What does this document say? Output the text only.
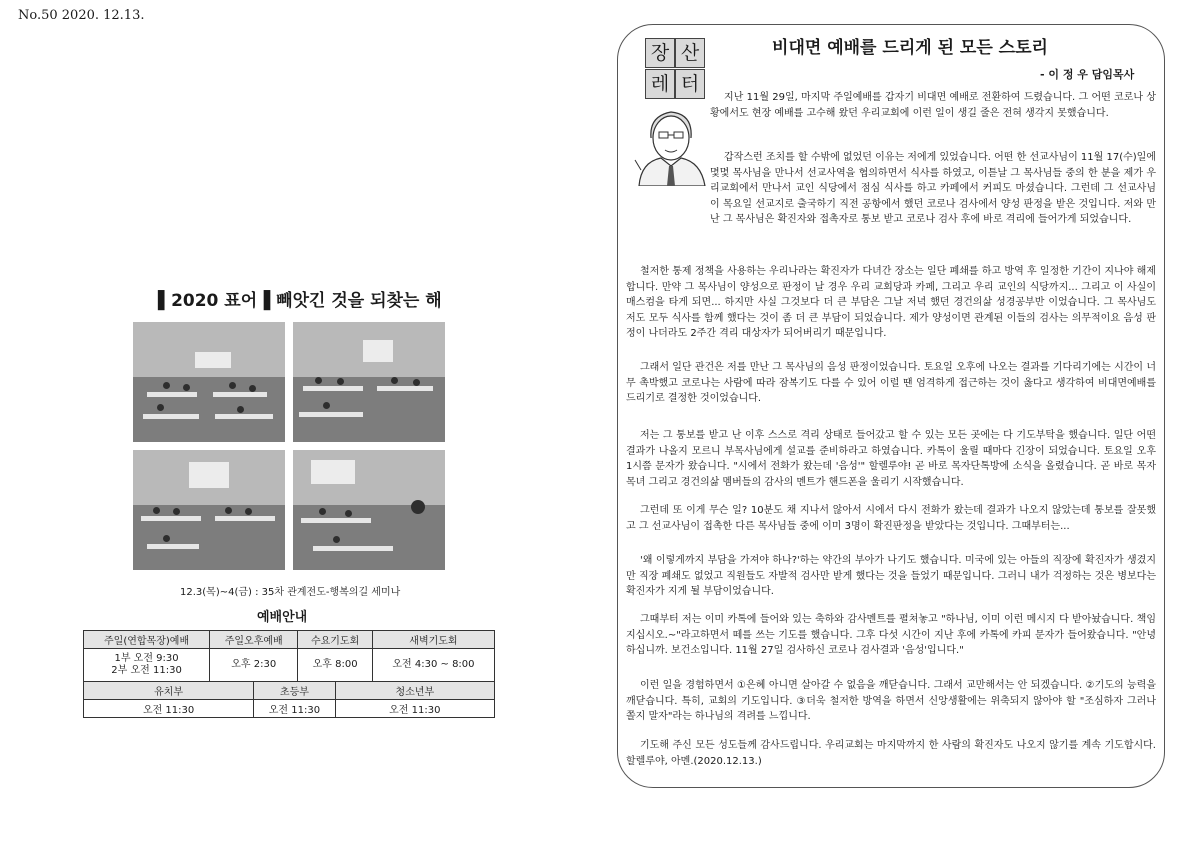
No.50 2020. 12.13.
▌2020 표어▐ 빼앗긴 것을 되찾는 해
12.3(목)~4(금) : 35차 관계전도-행복의길 세미나
예배안내
주일(연합목장)예배	주일오후예배		수요기도회		새벽기도회
1부 오전 9:30
2부 오전 11:30	오후 2:30		오후 8:00		오전 4:30 ~ 8:00
유치부		초등부		청소년부	
오전 11:30		오전 11:30		오전 11:30	
장 산
레 터
비대면 예배를 드리게 된 모든 스토리
- 이 정 우 담임목사

지난 11월 29일, 마지막 주일예배를 갑자기 비대면 예배로 전환하여 드렸습니다. 그 어떤 코로나 상황에서도 현장 예배를 고수해 왔던 우리교회에 이런 일이 생길 줄은 전혀 생각지 못했습니다.

갑작스런 조치를 할 수밖에 없었던 이유는 저에게 있었습니다. 어떤 한 선교사님이 11월 17(수)일에 몇몇 목사님을 만나서 선교사역을 협의하면서 식사를 하였고, 이튿날 그 목사님들 중의 한 분을 제가 우리교회에서 만나서 교인 식당에서 점심 식사를 하고 카페에서 커피도 마셨습니다. 그런데 그 선교사님이 목요일 선교지로 출국하기 직전 공항에서 했던 코로나 검사에서 양성 판정을 받은 것입니다. 저와 만난 그 목사님은 확진자와 접촉자로 통보 받고 코로나 검사 후에 바로 격리에 들어가게 되었습니다.

철저한 통제 정책을 사용하는 우리나라는 확진자가 다녀간 장소는 일단 폐쇄를 하고 방역 후 일정한 기간이 지나야 해제합니다. 만약 그 목사님이 양성으로 판정이 날 경우 우리 교회당과 카페, 그리고 우리 교인의 식당까지... 그리고 이 사실이 매스컴을 타게 되면... 하지만 사실 그것보다 더 큰 부담은 그날 저녁 했던 경건의삶 성경공부반 이었습니다. 그 목사님도 저도 모두 식사를 함께 했다는 것이 좀 더 큰 부담이 되었습니다. 제가 양성이면 관계된 이들의 검사는 의무적이요 음성 판정이 나더라도 2주간 격리 대상자가 되어버리기 때문입니다.

그래서 일단 관건은 저를 만난 그 목사님의 음성 판정이었습니다. 토요일 오후에 나오는 결과를 기다리기에는 시간이 너무 촉박했고 코로나는 사람에 따라 잠복기도 다를 수 있어 이럴 땐 엄격하게 접근하는 것이 옳다고 생각하여 비대면예배를 드리기로 결정한 것이었습니다.

저는 그 통보를 받고 난 이후 스스로 격리 상태로 들어갔고 할 수 있는 모든 곳에는 다 기도부탁을 했습니다. 일단 어떤 결과가 나올지 모르니 부목사님에게 설교를 준비하라고 하였습니다. 카톡이 울릴 때마다 긴장이 되었습니다. 토요일 오후 1시쯤 문자가 왔습니다. "시에서 전화가 왔는데 '음성'" 할렐루야! 곧 바로 목자단톡방에 소식을 올렸습니다. 곧 바로 목자 목녀 그리고 경건의삶 멤버들의 감사의 멘트가 핸드폰을 울리기 시작했습니다.

그런데 또 이게 무슨 일? 10분도 채 지나서 않아서 시에서 다시 전화가 왔는데 결과가 나오지 않았는데 통보를 잘못했고 그 선교사님이 접촉한 다른 목사님들 중에 이미 3명이 확진판정을 받았다는 것입니다. 그때부터는...

'왜 이렇게까지 부담을 가져야 하나?'하는 약간의 부아가 나기도 했습니다. 미국에 있는 아들의 직장에 확진자가 생겼지만 직장 폐쇄도 없었고 직원들도 자발적 검사만 받게 했다는 것을 들었기 때문입니다. 그러니 내가 걱정하는 것은 병보다는 확진자가 지게 될 부담이었습니다.

그때부터 저는 이미 카톡에 들어와 있는 축하와 감사멘트를 펼쳐놓고 "하나님, 이미 이런 메시지 다 받아놨습니다. 책임지십시오.~"라고하면서 떼를 쓰는 기도를 했습니다. 그후 다섯 시간이 지난 후에 카톡에 카피 문자가 들어왔습니다. "안녕하십니까. 보건소입니다. 11월 27일 검사하신 코로나 검사결과 '음성'입니다."

이런 일을 경험하면서 ①은혜 아니면 살아갈 수 없음을 깨닫습니다. 그래서 교만해서는 안 되겠습니다. ②기도의 능력을 깨닫습니다. 특히, 교회의 기도입니다. ③더욱 철저한 방역을 하면서 신앙생활에는 위축되지 않아야 할 "조심하자 그러나 쫄지 말자"라는 하나님의 격려를 느낍니다.

기도해 주신 모든 성도들께 감사드립니다. 우리교회는 마지막까지 한 사람의 확진자도 나오지 않기를 계속 기도합시다. 할렐루야, 아멘.(2020.12.13.)
